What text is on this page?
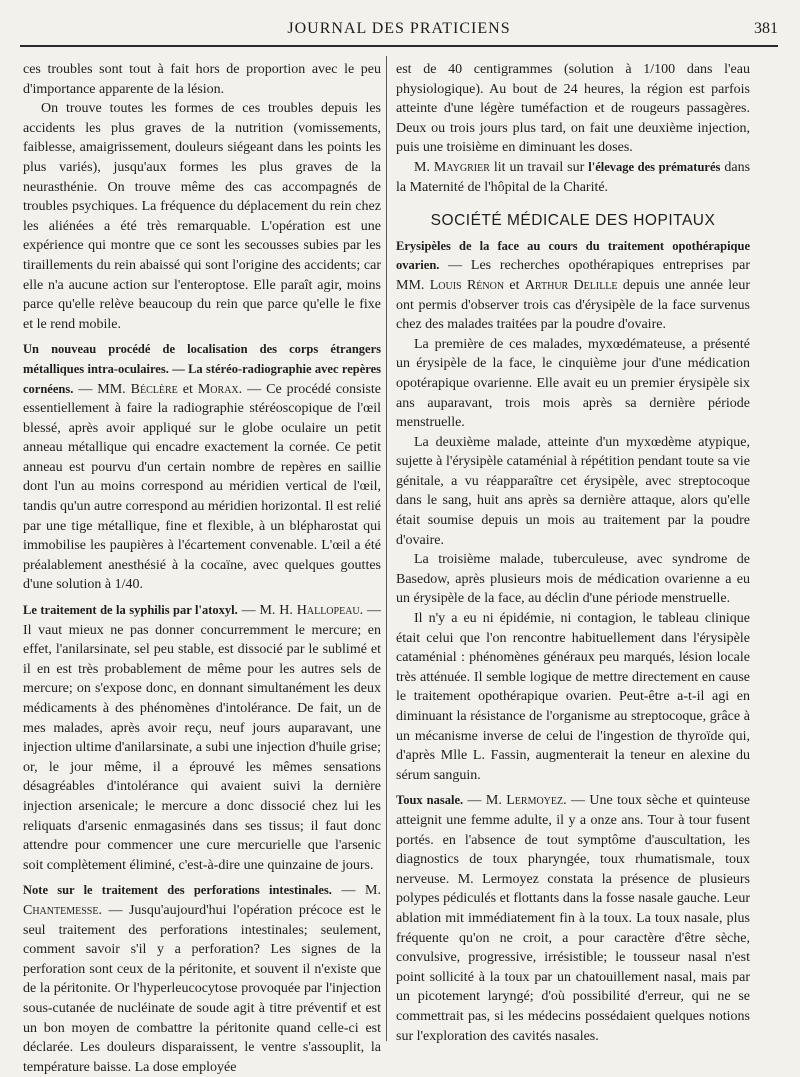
JOURNAL DES PRATICIENS	381

ces troubles sont tout à fait hors de proportion avec le peu d'importance apparente de la lésion.

On trouve toutes les formes de ces troubles depuis les accidents les plus graves de la nutrition (vomissements, faiblesse, amaigrissement, douleurs siégeant dans les points les plus variés), jusqu'aux formes les plus graves de la neurasthénie. On trouve même des cas accompagnés de troubles psychiques. La fréquence du déplacement du rein chez les aliénées a été très remarquable. L'opération est une expérience qui montre que ce sont les secousses subies par les tiraillements du rein abaissé qui sont l'origine des accidents; car elle n'a aucune action sur l'enteroptose. Elle paraît agir, moins parce qu'elle relève beaucoup du rein que parce qu'elle le fixe et le rend mobile.

Un nouveau procédé de localisation des corps étrangers métalliques intra-oculaires. — La stéréo-radiographie avec repères cornéens. — MM. Béclère et Morax. — Ce procédé consiste essentiellement à faire la radiographie stéréoscopique de l'œil blessé, après avoir appliqué sur le globe oculaire un petit anneau métallique qui encadre exactement la cornée. Ce petit anneau est pourvu d'un certain nombre de repères en saillie dont l'un au moins correspond au méridien vertical de l'œil, tandis qu'un autre correspond au méridien horizontal. Il est relié par une tige métallique, fine et flexible, à un blépharostat qui immobilise les paupières à l'écartement convenable. L'œil a été préalablement anesthésié à la cocaïne, avec quelques gouttes d'une solution à 1/40.

Le traitement de la syphilis par l'atoxyl. — M. H. Hallopeau. — Il vaut mieux ne pas donner concurremment le mercure; en effet, l'anilarsinate, sel peu stable, est dissocié par le sublimé et il en est très probablement de même pour les autres sels de mercure; on s'expose donc, en donnant simultanément les deux médicaments à des phénomènes d'intolérance. De fait, un de mes malades, après avoir reçu, neuf jours auparavant, une injection ultime d'anilarsinate, a subi une injection d'huile grise; or, le jour même, il a éprouvé les mêmes sensations désagréables d'intolérance qui avaient suivi la dernière injection arsenicale; le mercure a donc dissocié chez lui les reliquats d'arsenic enmagasinés dans ses tissus; il faut donc attendre pour commencer une cure mercurielle que l'arsenic soit complètement éliminé, c'est-à-dire une quinzaine de jours.

Note sur le traitement des perforations intestinales. — M. Chantemesse. — Jusqu'aujourd'hui l'opération précoce est le seul traitement des perforations intestinales; seulement, comment savoir s'il y a perforation? Les signes de la perforation sont ceux de la péritonite, et souvent il n'existe que de la péritonite. Or l'hyperleucocytose provoquée par l'injection sous-cutanée de nucléinate de soude agit à titre préventif et est un bon moyen de combattre la péritonite quand celle-ci est déclarée. Les douleurs disparaissent, le ventre s'assouplit, la température baisse. La dose employée

est de 40 centigrammes (solution à 1/100 dans l'eau physiologique). Au bout de 24 heures, la région est parfois atteinte d'une légère tuméfaction et de rougeurs passagères. Deux ou trois jours plus tard, on fait une deuxième injection, puis une troisième en diminuant les doses.

M. Maygrier lit un travail sur l'élevage des prématurés dans la Maternité de l'hôpital de la Charité.

SOCIÉTÉ MÉDICALE DES HOPITAUX

Erysipèles de la face au cours du traitement opothérapique ovarien. — Les recherches opothérapiques entreprises par MM. Louis Rénon et Arthur Delille depuis une année leur ont permis d'observer trois cas d'érysipèle de la face survenus chez des malades traitées par la poudre d'ovaire.

La première de ces malades, myxœdémateuse, a présenté un érysipèle de la face, le cinquième jour d'une médication opotérapique ovarienne. Elle avait eu un premier érysipèle six ans auparavant, trois mois après sa dernière période menstruelle.

La deuxième malade, atteinte d'un myxœdème atypique, sujette à l'érysipèle cataménial à répétition pendant toute sa vie génitale, a vu réapparaître cet érysipèle, avec streptocoque dans le sang, huit ans après sa dernière attaque, alors qu'elle était soumise depuis un mois au traitement par la poudre d'ovaire.

La troisième malade, tuberculeuse, avec syndrome de Basedow, après plusieurs mois de médication ovarienne a eu un érysipèle de la face, au déclin d'une période menstruelle.

Il n'y a eu ni épidémie, ni contagion, le tableau clinique était celui que l'on rencontre habituellement dans l'érysipèle cataménial : phénomènes généraux peu marqués, lésion locale très atténuée. Il semble logique de mettre directement en cause le traitement opothérapique ovarien. Peut-être a-t-il agi en diminuant la résistance de l'organisme au streptocoque, grâce à un mécanisme inverse de celui de l'ingestion de thyroïde qui, d'après Mlle L. Fassin, augmenterait la teneur en alexine du sérum sanguin.

Toux nasale. — M. Lermoyez. — Une toux sèche et quinteuse atteignit une femme adulte, il y a onze ans. Tour à tour fusent portés. en l'absence de tout symptôme d'auscultation, les diagnostics de toux pharyngée, toux rhumatismale, toux nerveuse. M. Lermoyez constata la présence de plusieurs polypes pédiculés et flottants dans la fosse nasale gauche. Leur ablation mit immédiatement fin à la toux. La toux nasale, plus fréquente qu'on ne croit, a pour caractère d'être sèche, convulsive, progressive, irrésistible; le tousseur nasal n'est point sollicité à la toux par un chatouillement nasal, mais par un picotement laryngé; d'où possibilité d'erreur, qui ne se commettrait pas, si les médecins possédaient quelques notions sur l'exploration des cavités nasales.
